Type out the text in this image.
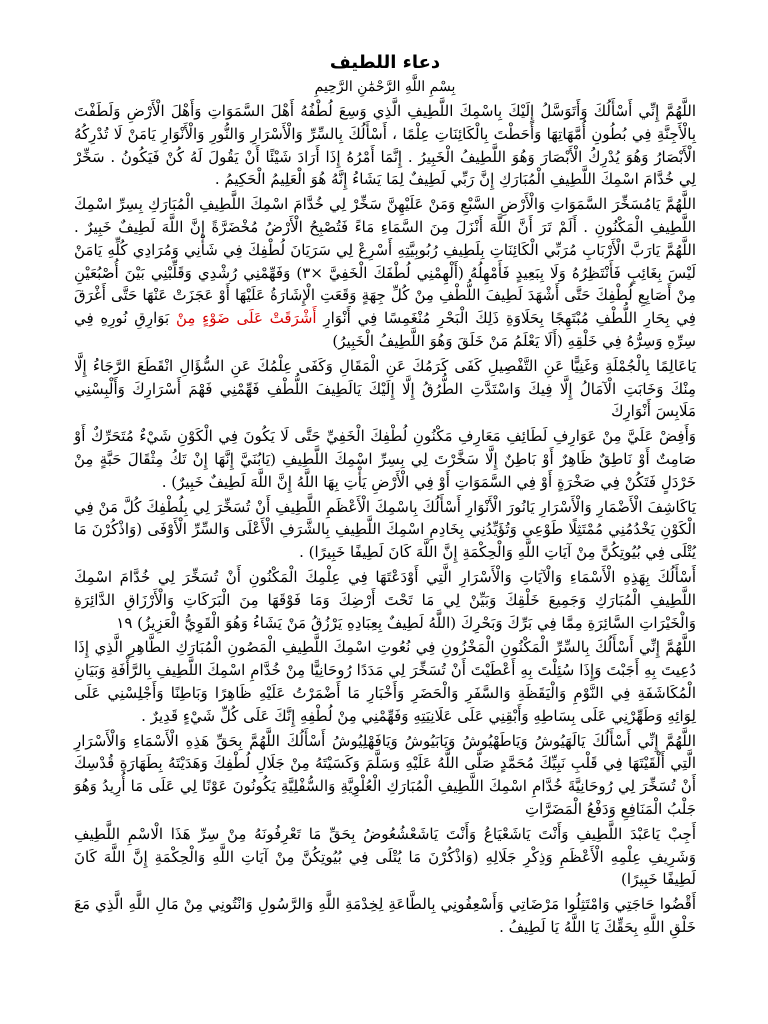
دعاء اللطيف
بِسْمِ اللَّهِ الرَّحْمَٰنِ الرَّحِيمِ

اللَّهُمَّ إِنِّي أَسْأَلُكَ وَأَتَوَسَّلُ إِلَيْكَ بِاسْمِكَ اللَّطِيفِ الَّذِي وَسِعَ لُطْفُهُ أَهْلَ السَّمَوَاتِ وَأَهْلَ الْأَرْضِ وَلَطَفْتَ بِالْأَجِنَّةِ فِي بُطُونِ أُمَّهَاتِهَا وَأَحَطْتَ بِالْكَائِنَاتِ عِلْمًا ، أَسْأَلُكَ بِالسِّرِّ وَالْأَسْرَارِ وَالنُّورِ وَالْأَنْوَارِ يَامَنْ لَا تُدْرِكُهُ الْأَبْصَارُ وَهُوَ يُدْرِكُ الْأَبْصَارَ وَهُوَ اللَّطِيفُ الْخَبِيرُ . إِنَّمَا أَمْرُهُ إِذَا أَرَادَ شَيْئًا أَنْ يَقُولَ لَهُ كُنْ فَيَكُونُ . سَخِّرْ لِي خُدَّامَ اسْمِكَ اللَّطِيفِ الْمُبَارَكِ إِنَّ رَبِّي لَطِيفٌ لِمَا يَشَاءُ إِنَّهُ هُوَ الْعَلِيمُ الْحَكِيمُ .

اللَّهُمَّ يَامُسَخِّرَ السَّمَوَاتِ وَالْأَرْضِ السَّبْعِ وَمَنْ عَلَيْهِنَّ سَخِّرْ لِي خُدَّامَ اسْمِكَ اللَّطِيفِ الْمُبَارَكِ بِسِرِّ اسْمِكَ اللَّطِيفِ الْمَكْنُونِ . أَلَمْ تَرَ أَنَّ اللَّهَ أَنْزَلَ مِنَ السَّمَاءِ مَاءً فَتُصْبِحُ الْأَرْضُ مُخْضَرَّةً إِنَّ اللَّهَ لَطِيفٌ خَبِيرٌ . اللَّهُمَّ يَارَبَّ الْأَرْبَابِ مُرَبِّي الْكَائِنَاتِ بِلَطِيفِ رُبُوبِيَّتِهِ أَسْرِعْ لِي سَرَيَانَ لُطْفِكَ فِي شَأْنِي وَمُرَادِي كُلِّهِ يَامَنْ لَيْسَ بِغَائِبٍ فَأَنْتَظِرُهُ وَلَا بِبَعِيدٍ فَأَمْهِلُهُ (أَلْهِمْنِي لُطْفَكَ الْخَفِيَّ ×٣) وَفَهِّمْنِي رُشْدِي وَقَلِّبْنِي بَيْنَ أُصْبُعَيْنِ مِنْ أَصَابِعِ لُطْفِكَ حَتَّى أَشْهَدَ لَطِيفَ اللُّطْفِ مِنْ كُلِّ جِهَةٍ وَقَعَتِ الْإِشَارَةُ عَلَيْهَا أَوْ عَجَزَتْ عَنْهَا حَتَّى أَغْرَقَ فِي بِحَارِ اللُّطْفِ مُبْتَهِجًا بِحَلَاوَةِ ذَلِكَ الْبَحْرِ مُنْغَمِسًا فِي أَنْوَارِ أَشْرَقَتْ عَلَى ضَوْءٍ مِنْ بَوَارِقِ نُورِهِ فِي سِرِّهِ وَسِرُّهُ فِي خَلْقِهِ (أَلَا يَعْلَمُ مَنْ خَلَقَ وَهُوَ اللَّطِيفُ الْخَبِيرُ)

يَاعَالِمًا بِالْجُمْلَةِ وَغَنِيًّا عَنِ التَّفْصِيلِ كَفَى كَرَمُكَ عَنِ الْمَقَالِ وَكَفَى عِلْمُكَ عَنِ السُّؤَالِ انْقَطَعَ الرَّجَاءُ إِلَّا مِنْكَ وَخَابَتِ الْآمَالُ إِلَّا فِيكَ وَاسْتَدَّتِ الطُّرُقُ إِلَّا إِلَيْكَ يَالَطِيفَ اللُّطْفِ فَهِّمْنِي فَهْمَ أَسْرَارِكَ وَأَلْبِسْنِي مَلَابِسَ أَنْوَارِكَ

وَأَفِضْ عَلَيَّ مِنْ عَوَارِفِ لَطَائِفِ مَعَارِفِ مَكْنُونِ لُطْفِكَ الْخَفِيِّ حَتَّى لَا يَكُونَ فِي الْكَوْنِ شَيْءٌ مُتَحَرِّكٌ أَوْ صَامِتٌ أَوْ نَاطِقٌ ظَاهِرٌ أَوْ بَاطِنٌ إِلَّا سَخَّرْتَ لِي بِسِرِّ اسْمِكَ اللَّطِيفِ (يَابُنَيَّ إِنَّهَا إِنْ تَكُ مِثْقَالَ حَبَّةٍ مِنْ خَرْدَلٍ فَتَكُنْ فِي صَخْرَةٍ أَوْ فِي السَّمَوَاتِ أَوْ فِي الْأَرْضِ يَأْتِ بِهَا اللَّهُ إِنَّ اللَّهَ لَطِيفٌ خَبِيرٌ) .

يَاكَاشِفَ الْأَضْمَارِ وَالْأَسْرَارِ يَانُورَ الْأَنْوَارِ أَسْأَلُكَ بِاسْمِكَ الْأَعْظَمِ اللَّطِيفِ أَنْ تُسَخِّرَ لِي بِلُطْفِكَ كُلَّ مَنْ فِي الْكَوْنِ يَخْدُمُنِي مُمْتَثِلًا طَوْعِي وَتُؤَيِّدُنِي بِخَادِمِ اسْمِكَ اللَّطِيفِ بِالشَّرَفِ الْأَعْلَى وَالسِّرِّ الْأَوْفَى (وَاذْكُرْنَ مَا يُتْلَى فِي بُيُوتِكُنَّ مِنْ آيَاتِ اللَّهِ وَالْحِكْمَةِ إِنَّ اللَّهَ كَانَ لَطِيفًا خَبِيرًا) .

أَسْأَلُكَ بِهَذِهِ الْأَسْمَاءِ وَالْآيَاتِ وَالْأَسْرَارِ الَّتِي أَوْدَعْتَهَا فِي عِلْمِكَ الْمَكْنُونِ أَنْ تُسَخِّرَ لِي خُدَّامَ اسْمِكَ اللَّطِيفِ الْمُبَارَكِ وَجَمِيعَ خَلْقِكَ وَبَيِّنْ لِي مَا تَحْتَ أَرْضِكَ وَمَا فَوْقَهَا مِنَ الْبَرَكَاتِ وَالْأَرْزَاقِ الدَّائِرَةِ وَالْخَيْرَاتِ السَّائِرَةِ مِمَّا فِي بَرِّكَ وَبَحْرِكَ (اللَّهُ لَطِيفٌ بِعِبَادِهِ يَرْزُقُ مَنْ يَشَاءُ وَهُوَ الْقَوِيُّ الْعَزِيزُ) ١٩

اللَّهُمَّ إِنِّي أَسْأَلُكَ بِالسِّرِّ الْمَكْنُونِ الْمَخْزُونِ فِي نُعُوتِ اسْمِكَ اللَّطِيفِ الْمَصُونِ الْمُبَارَكِ الطَّاهِرِ الَّذِي إِذَا دُعِيتَ بِهِ أَجَبْتَ وَإِذَا سُئِلْتَ بِهِ أَعْطَيْتَ أَنْ تُسَخِّرَ لِي مَدَدًا رُوحَانِيًّا مِنْ خُدَّامِ اسْمِكَ اللَّطِيفِ بِالرَّأْفَةِ وَبَيَانِ الْمُكَاشَفَةِ فِي النَّوْمِ وَالْيَقَظَةِ وَالسَّفَرِ وَالْحَضَرِ وَأَخْبَارِ مَا أَضْمَرْتُ عَلَيْهِ ظَاهِرًا وَبَاطِنًا وَأَجْلِسْنِي عَلَى لِوَائِهِ وَطَهِّرْنِي عَلَى بِسَاطِهِ وَأَبْقِنِي عَلَى عَلَانِيَتِهِ وَفَهِّمْنِي مِنْ لُطْفِهِ إِنَّكَ عَلَى كُلِّ شَيْءٍ قَدِيرٌ .

اللَّهُمَّ إِنِّي أَسْأَلُكَ يَالَهَيُوشُ وَيَاطَهْيُوشُ وَيَابَيُوشُ وَيَافَهْلِيُوشُ أَسْأَلُكَ اللَّهُمَّ بِحَقِّ هَذِهِ الْأَسْمَاءِ وَالْأَسْرَارِ الَّتِي أَلْقَيْتَهَا فِي قَلْبِ نَبِيِّكَ مُحَمَّدٍ صَلَّى اللَّهُ عَلَيْهِ وَسَلَّمَ وَكَسَيْتَهُ مِنْ جَلَالِ لُطْفِكَ وَهَدَيْتَهُ بِطَهَارَةِ قُدْسِكَ أَنْ تُسَخِّرَ لِي رُوحَانِيَّةَ خُدَّامِ اسْمِكَ اللَّطِيفِ الْمُبَارَكِ الْعُلْوِيَّةِ وَالسُّفْلِيَّةِ يَكُونُونَ عَوْنًا لِي عَلَى مَا أُرِيدُ وَهُوَ جَلْبُ الْمَنَافِعِ وَدَفْعُ الْمَضَرَّاتِ

أَجِبْ يَاعَبْدَ اللَّطِيفِ وَأَنْتَ يَاشَعْيَاعُ وَأَنْتَ يَاشَعْشُعُوضُ بِحَقِّ مَا تَعْرِفُونَهُ مِنْ سِرِّ هَذَا الْاسْمِ اللَّطِيفِ وَشَرِيفِ عِلْمِهِ الْأَعْظَمِ وَذِكْرِ جَلَالِهِ (وَاذْكُرْنَ مَا يُتْلَى فِي بُيُوتِكُنَّ مِنْ آيَاتِ اللَّهِ وَالْحِكْمَةِ إِنَّ اللَّهَ كَانَ لَطِيفًا خَبِيرًا)

أَقْضُوا حَاجَتِي وَامْتَثِلُوا مَرْضَاتِي وَأَسْعِفُونِي بِالطَّاعَةِ لِخِدْمَةِ اللَّهِ وَالرَّسُولِ وَانْتُونِي مِنْ مَالِ اللَّهِ الَّذِي مَعَ خَلْقِ اللَّهِ بِحَقِّكَ يَا اللَّهُ يَا لَطِيفُ .
